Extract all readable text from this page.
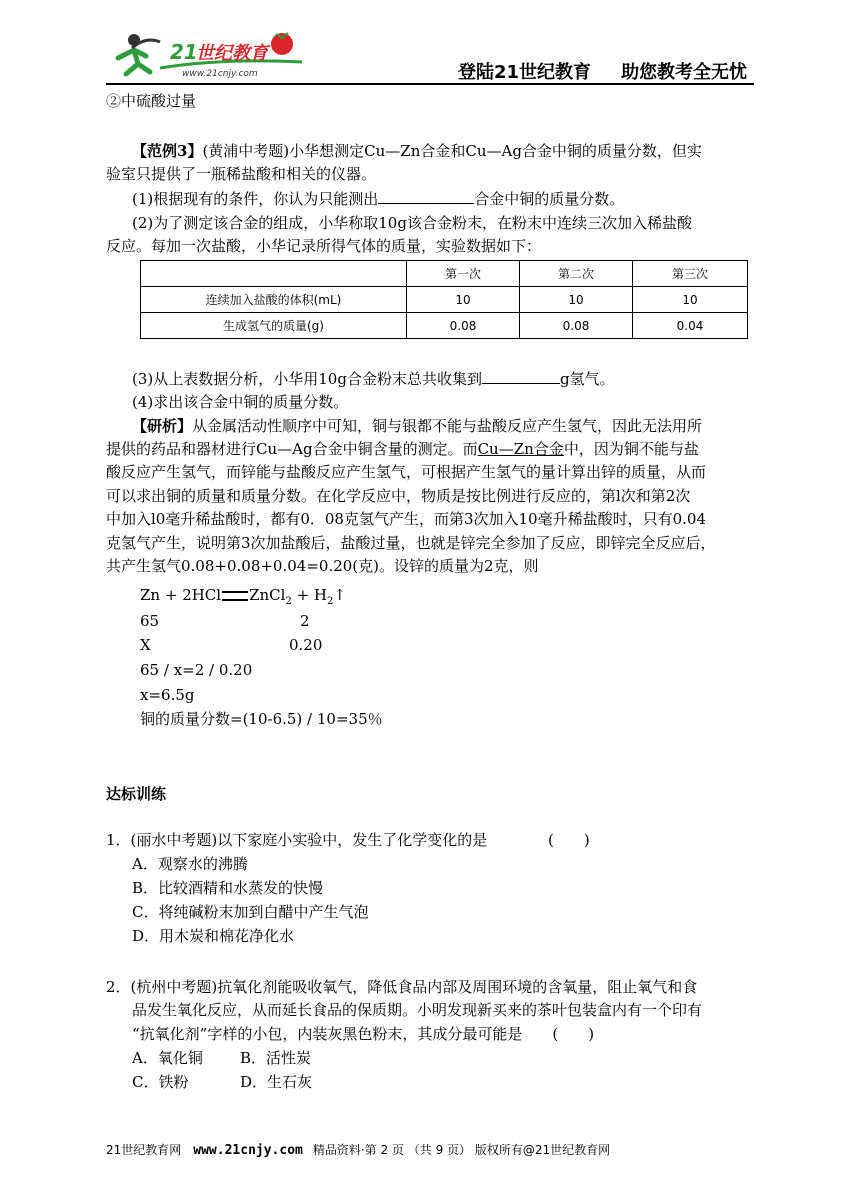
21
世纪教育
www.21cnjy.com	登陆21世纪教育 助您教考全无忧
②中硫酸过量
【范例3】(黄浦中考题)小华想测定Cu—Zn合金和Cu—Ag合金中铜的质量分数，但实
验室只提供了一瓶稀盐酸和相关的仪器。
(1)根据现有的条件，你认为只能测出	合金中铜的质量分数。
(2)为了测定该合金的组成，小华称取10g该合金粉末，在粉末中连续三次加入稀盐酸
反应。每加一次盐酸，小华记录所得气体的质量，实验数据如下：
	第一次	第二次	第三次
连续加入盐酸的体积(mL)	10	10	10
生成氢气的质量(g)	0.08	0.08	0.04
(3)从上表数据分析，小华用10g合金粉末总共收集到	g氢气。
(4)求出该合金中铜的质量分数。
【研析】从金属活动性顺序中可知，铜与银都不能与盐酸反应产生氢气，因此无法用所
提供的药品和器材进行Cu—Ag合金中铜含量的测定。而Cu—Zn合金中，因为铜不能与盐
酸反应产生氢气，而锌能与盐酸反应产生氢气，可根据产生氢气的量计算出锌的质量，从而
可以求出铜的质量和质量分数。在化学反应中，物质是按比例进行反应的，第l次和第2次
中加入l0毫升稀盐酸时，都有0．08克氢气产生，而第3次加入10毫升稀盐酸时，只有0.04
克氢气产生，说明第3次加盐酸后，盐酸过量，也就是锌完全参加了反应，即锌完全反应后，
共产生氢气0.08+0.08+0.04=0.20(克)。设锌的质量为2克，则
Zn + 2HCl ZnCl$_2$ + $H_2↑$
65	2
X	0.20
65 / x=2 / 0.20
x=6.5g
铜的质量分数=(10-6.5) / 10=35％
达标训练
1．(丽水中考题)以下家庭小实验中，发生了化学变化的是	(　　)
A．观察水的沸腾
B．比较酒精和水蒸发的快慢
C．将纯碱粉末加到白醋中产生气泡
D．用木炭和棉花净化水
2．(杭州中考题)抗氧化剂能吸收氧气，降低食品内部及周围环境的含氧量，阻止氧气和食
品发生氧化反应，从而延长食品的保质期。小明发现新买来的茶叶包装盒内有一个印有
“抗氧化剂”字样的小包，内装灰黑色粉末，其成分最可能是 (　　)
A．氧化铜 B．活性炭
C．铁粉	D．生石灰
21世纪教育网 www.21cnjy.com 精品资料·第 2 页 （共 9 页） 版权所有@21世纪教育网
